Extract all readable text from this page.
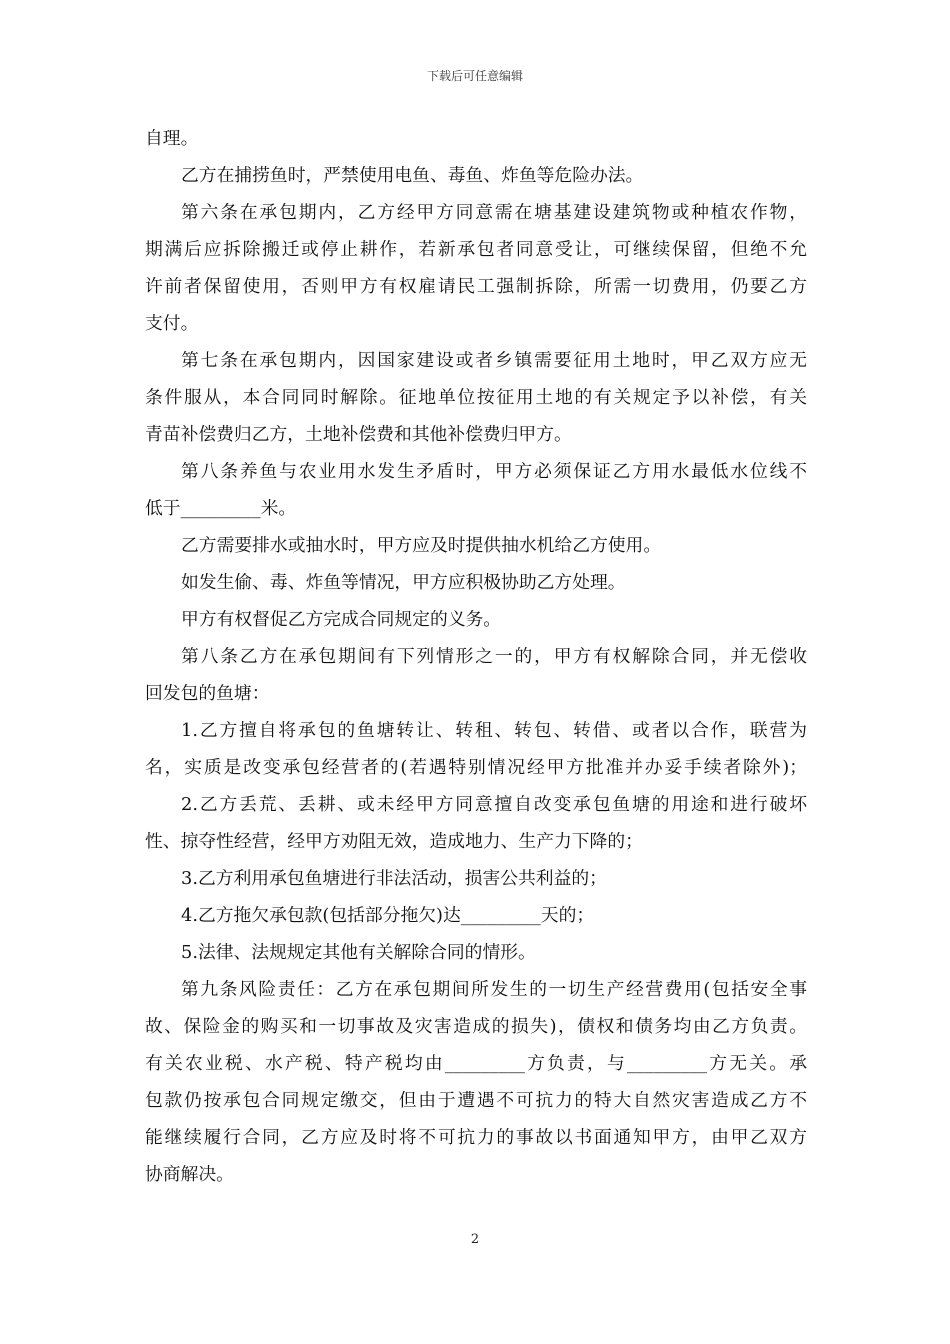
下载后可任意编辑
自理。
乙方在捕捞鱼时，严禁使用电鱼、毒鱼、炸鱼等危险办法。
第六条在承包期内，乙方经甲方同意需在塘基建设建筑物或种植农作物，
期满后应拆除搬迁或停止耕作，若新承包者同意受让，可继续保留，但绝不允
许前者保留使用，否则甲方有权雇请民工强制拆除，所需一切费用，仍要乙方
支付。
第七条在承包期内，因国家建设或者乡镇需要征用土地时，甲乙双方应无
条件服从，本合同同时解除。征地单位按征用土地的有关规定予以补偿，有关
青苗补偿费归乙方，土地补偿费和其他补偿费归甲方。
第八条养鱼与农业用水发生矛盾时，甲方必须保证乙方用水最低水位线不
低于_________米。
乙方需要排水或抽水时，甲方应及时提供抽水机给乙方使用。
如发生偷、毒、炸鱼等情况，甲方应积极协助乙方处理。
甲方有权督促乙方完成合同规定的义务。
第八条乙方在承包期间有下列情形之一的，甲方有权解除合同，并无偿收
回发包的鱼塘：
1.乙方擅自将承包的鱼塘转让、转租、转包、转借、或者以合作，联营为
名，实质是改变承包经营者的(若遇特别情况经甲方批准并办妥手续者除外)；
2.乙方丢荒、丢耕、或未经甲方同意擅自改变承包鱼塘的用途和进行破坏
性、掠夺性经营，经甲方劝阻无效，造成地力、生产力下降的；
3.乙方利用承包鱼塘进行非法活动，损害公共利益的；
4.乙方拖欠承包款(包括部分拖欠)达_________天的；
5.法律、法规规定其他有关解除合同的情形。
第九条风险责任：乙方在承包期间所发生的一切生产经营费用(包括安全事
故、保险金的购买和一切事故及灾害造成的损失)，债权和债务均由乙方负责。
有关农业税、水产税、特产税均由_________方负责，与_________方无关。承
包款仍按承包合同规定缴交，但由于遭遇不可抗力的特大自然灾害造成乙方不
能继续履行合同，乙方应及时将不可抗力的事故以书面通知甲方，由甲乙双方
协商解决。
2
